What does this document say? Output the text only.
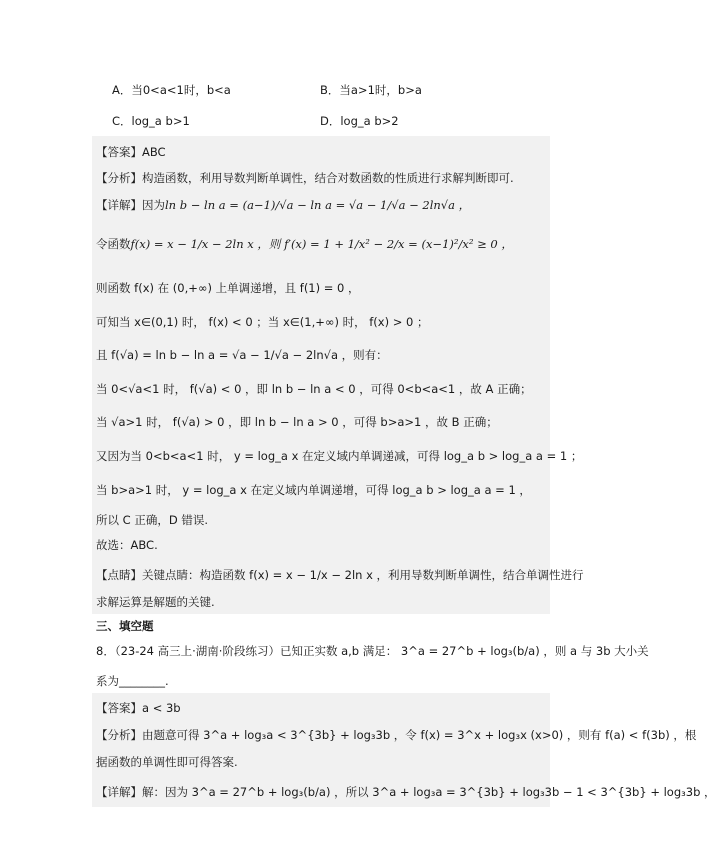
A．当0<a<1时，b<a	B．当a>1时，b>a
C．log_a b>1	D．log_a b>2
【答案】ABC
【分析】构造函数，利用导数判断单调性，结合对数函数的性质进行求解判断即可.
【详解】因为ln b − ln a = (a−1)/√a − ln a = √a − 1/√a − 2ln√a ，
令函数f(x) = x − 1/x − 2ln x ，则 f′(x) = 1 + 1/x² − 2/x = (x−1)²/x² ≥ 0 ，
则函数 f(x) 在 (0,+∞) 上单调递增，且 f(1) = 0 ，
可知当 x∈(0,1) 时， f(x) < 0 ；当 x∈(1,+∞) 时， f(x) > 0 ；
且 f(√a) = ln b − ln a = √a − 1/√a − 2ln√a ，则有：
当 0<√a<1 时， f(√a) < 0 ，即 ln b − ln a < 0 ，可得 0<b<a<1 ，故 A 正确；
当 √a>1 时， f(√a) > 0 ，即 ln b − ln a > 0 ，可得 b>a>1 ，故 B 正确；
又因为当 0<b<a<1 时， y = log_a x 在定义域内单调递减，可得 log_a b > log_a a = 1 ；
当 b>a>1 时， y = log_a x 在定义域内单调递增，可得 log_a b > log_a a = 1 ，
所以 C 正确，D 错误.
故选：ABC.
【点睛】关键点睛：构造函数 f(x) = x − 1/x − 2ln x ，利用导数判断单调性，结合单调性进行
求解运算是解题的关键.
三、填空题
8．（23-24 高三上·湖南·阶段练习）已知正实数 a,b 满足： 3^a = 27^b + log₃(b/a) ，则 a 与 3b 大小关
系为________.
【答案】a < 3b
【分析】由题意可得 3^a + log₃a < 3^{3b} + log₃3b ，令 f(x) = 3^x + log₃x (x>0) ，则有 f(a) < f(3b) ，根
据函数的单调性即可得答案.
【详解】解：因为 3^a = 27^b + log₃(b/a) ，所以 3^a + log₃a = 3^{3b} + log₃3b − 1 < 3^{3b} + log₃3b ，
